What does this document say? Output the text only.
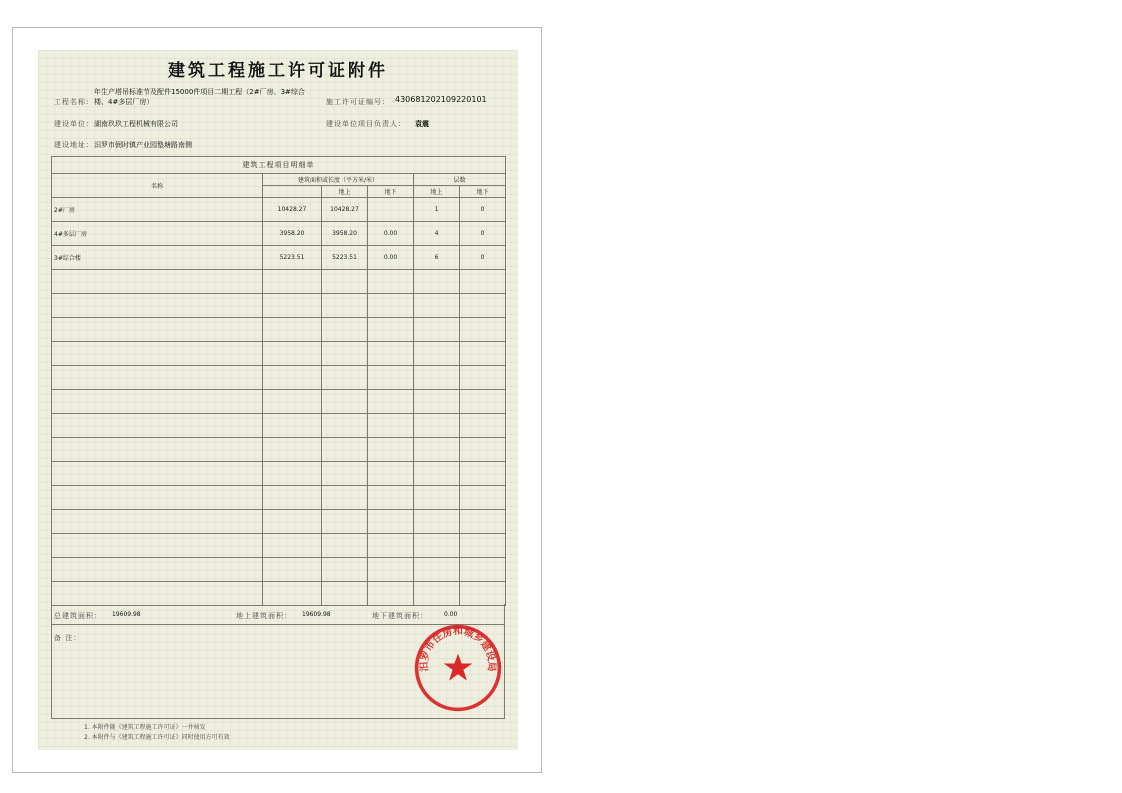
建筑工程施工许可证附件
年生产塔吊标准节及配件15000件项目二期工程（2#厂房、3#综合
工程名称: 楼、4#多层厂房）	施工许可证编号： 430681202109220101
建设单位： 湖南玖玖工程机械有限公司	建设单位项目负责人： 袁震
建设地址： 汨罗市弼时镇产业园塾塘路南侧
建筑工程项目明细单					
名称	建筑面积或长度（平方米/米）			层数	
		地上	地下	地上	地下
2#厂房	10428.27	10428.27		1	0
4#多层厂房	3958.20	3958.20	0.00	4	0
3#综合楼	5223.51	5223.51	0.00	6	0

总建筑面积： 19609.98	地上建筑面积： 19609.98	地下建筑面积：	0.00
备 注：
1. 本附件随《建筑工程施工许可证》一并核发
2. 本附件与《建筑工程施工许可证》同时使用方可有效
汨罗市住房和城乡建设局
